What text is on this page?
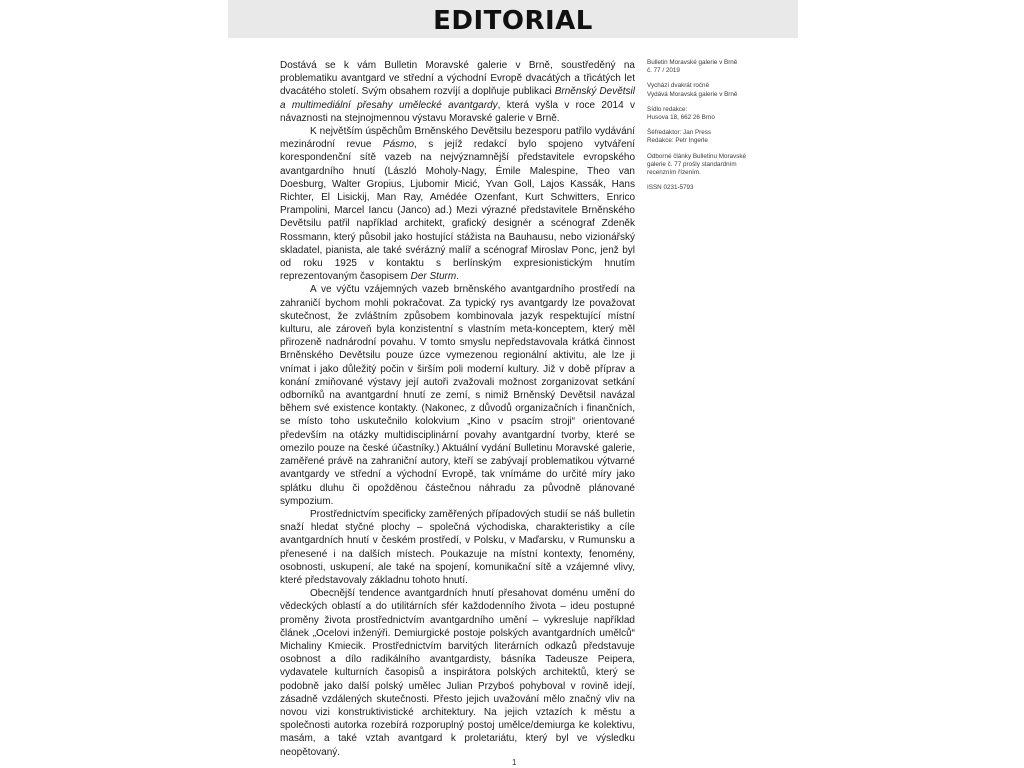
EDITORIAL

Dostává se k vám Bulletin Moravské galerie v Brně, soustředěný na problematiku avantgard ve střední a východní Evropě dvacátých a třicátých let dvacátého století. Svým obsahem rozvíjí a doplňuje publikaci Brněnský Devětsil a multimediální přesahy umělecké avantgardy, která vyšla v roce 2014 v návaznosti na stejnojmennou výstavu Moravské galerie v Brně.

K největším úspěchům Brněnského Devětsilu bezesporu patřilo vydávání mezinárodní revue Pásmo, s jejíž redakcí bylo spojeno vytváření korespondenční sítě vazeb na nejvýznamnější představitele evropského avantgardního hnutí (László Moholy-Nagy, Émile Malespine, Theo van Doesburg, Walter Gropius, Ljubomir Micić, Yvan Goll, Lajos Kassák, Hans Richter, El Lisickij, Man Ray, Amédée Ozenfant, Kurt Schwitters, Enrico Prampolini, Marcel Iancu (Janco) ad.) Mezi výrazné představitele Brněnského Devětsilu patřil například architekt, grafický designér a scénograf Zdeněk Rossmann, který působil jako hostující stážista na Bauhausu, nebo vizionářský skladatel, pianista, ale také svérázný malíř a scénograf Miroslav Ponc, jenž byl od roku 1925 v kontaktu s berlínským expresionistickým hnutím reprezentovaným časopisem Der Sturm.

A ve výčtu vzájemných vazeb brněnského avantgardního prostředí na zahraničí bychom mohli pokračovat. Za typický rys avantgardy lze považovat skutečnost, že zvláštním způsobem kombinovala jazyk respektující místní kulturu, ale zároveň byla konzistentní s vlastním meta-konceptem, který měl přirozeně nadnárodní povahu. V tomto smyslu nepředstavovala krátká činnost Brněnského Devětsilu pouze úzce vymezenou regionální aktivitu, ale lze ji vnímat i jako důležitý počin v širším poli moderní kultury. Již v době příprav a konání zmiňované výstavy její autoři zvažovali možnost zorganizovat setkání odborníků na avantgardní hnutí ze zemí, s nimiž Brněnský Devětsil navázal během své existence kontakty. (Nakonec, z důvodů organizačních i finančních, se místo toho uskutečnilo kolokvium „Kino v psacím stroji“ orientované především na otázky multidisciplinární povahy avantgardní tvorby, které se omezilo pouze na české účastníky.) Aktuální vydání Bulletinu Moravské galerie, zaměřené právě na zahraniční autory, kteří se zabývají problematikou výtvarné avantgardy ve střední a východní Evropě, tak vnímáme do určité míry jako splátku dluhu či opožděnou částečnou náhradu za původně plánované sympozium.

Prostřednictvím specificky zaměřených případových studií se náš bulletin snaží hledat styčné plochy – společná východiska, charakteristiky a cíle avantgardních hnutí v českém prostředí, v Polsku, v Maďarsku, v Rumunsku a přenesené i na dalších místech. Poukazuje na místní kontexty, fenomény, osobnosti, uskupení, ale také na spojení, komunikační sítě a vzájemné vlivy, které představovaly základnu tohoto hnutí.

Obecnější tendence avantgardních hnutí přesahovat doménu umění do vědeckých oblastí a do utilitárních sfér každodenního života – ideu postupné proměny života prostřednictvím avantgardního umění – vykresluje například článek „Ocelovi inženýři. Demiurgické postoje polských avantgardních umělců“ Michaliny Kmiecik. Prostřednictvím barvitých literárních odkazů představuje osobnost a dílo radikálního avantgardisty, básníka Tadeusze Peipera, vydavatele kulturních časopisů a inspirátora polských architektů, který se podobně jako další polský umělec Julian Przyboś pohyboval v rovině idejí, zásadně vzdálených skutečnosti. Přesto jejich uvažování mělo značný vliv na novou vizi konstruktivistické architektury. Na jejich vztazích k městu a společnosti autorka rozebírá rozporuplný postoj umělce/demiurga ke kolektivu, masám, a také vztah avantgard k proletariátu, který byl ve výsledku neopětovaný.

Bulletin Moravské galerie v Brně
č. 77 / 2019
Vychází dvakrát ročně
Vydává Moravská galerie v Brně
Sídlo redakce:
Husova 18, 662 26 Brno
Šéfredaktor: Jan Press
Redakce: Petr Ingerle
Odborné články Bulletinu Moravské
galerie č. 77 prošly standardním
recenzním řízením.
ISSN 0231-5793
1
